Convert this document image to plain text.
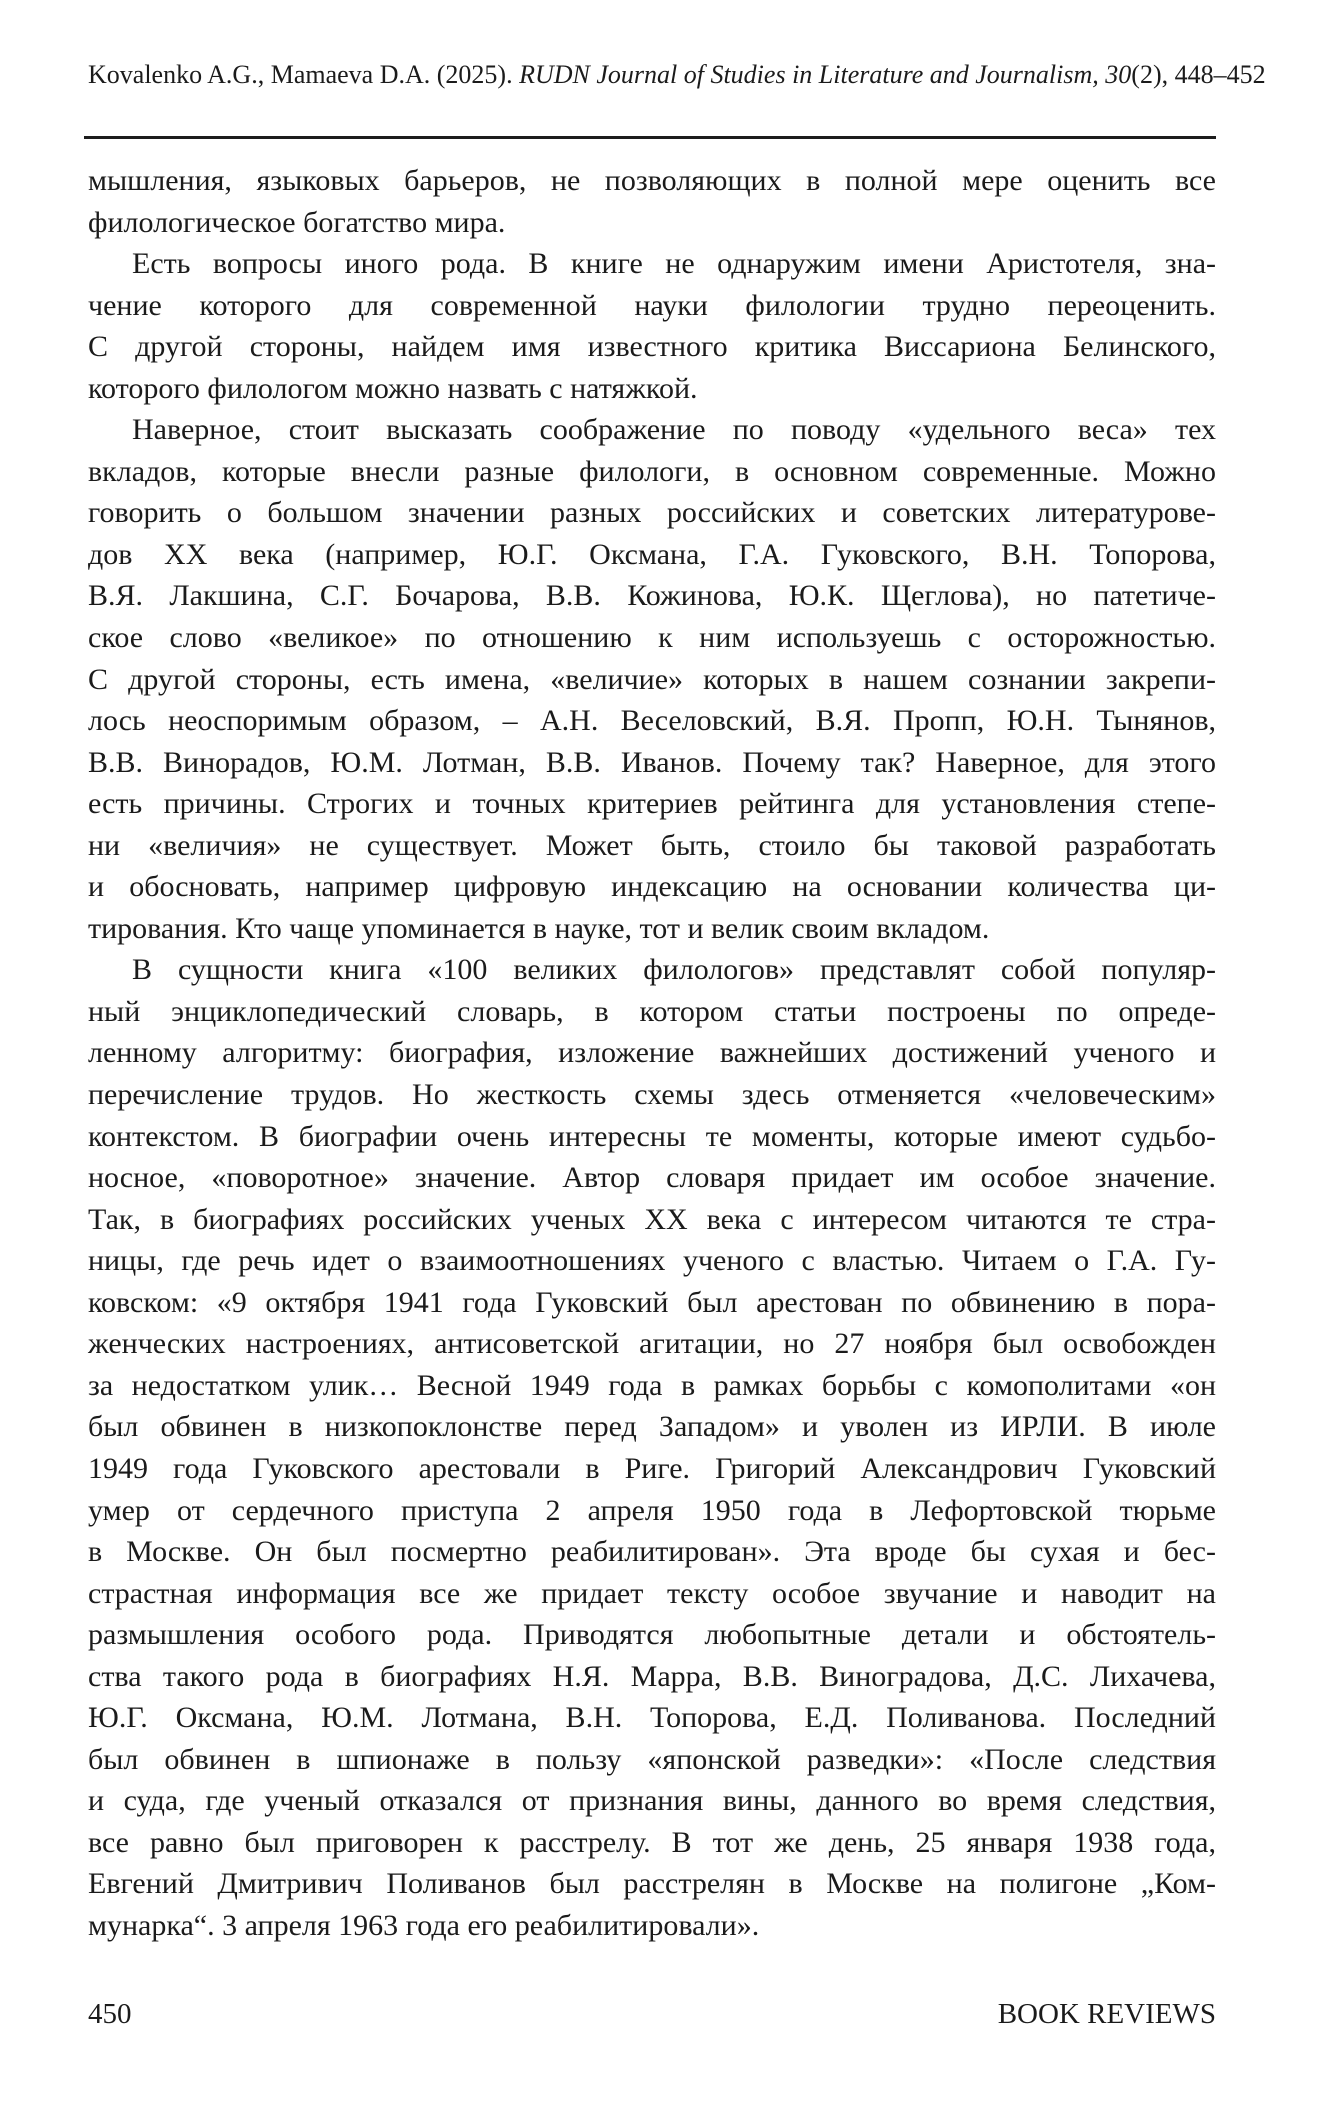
Kovalenko A.G., Mamaeva D.A. (2025). RUDN Journal of Studies in Literature and Journalism, 30(2), 448–452
мышления, языковых барьеров, не позволяющих в полной мере оценить все
филологическое богатство мира.
Есть вопросы иного рода. В книге не однаружим имени Аристотеля, зна-
чение которого для современной науки филологии трудно переоценить.
С другой стороны, найдем имя известного критика Виссариона Белинского,
которого филологом можно назвать с натяжкой.
Наверное, стоит высказать соображение по поводу «удельного веса» тех
вкладов, которые внесли разные филологи, в основном современные. Можно
говорить о большом значении разных российских и советских литературове-
дов XX века (например, Ю.Г. Оксмана, Г.А. Гуковского, В.Н. Топорова,
В.Я. Лакшина, С.Г. Бочарова, В.В. Кожинова, Ю.К. Щеглова), но патетиче-
ское слово «великое» по отношению к ним используешь с осторожностью.
С другой стороны, есть имена, «величие» которых в нашем сознании закрепи-
лось неоспоримым образом, – А.Н. Веселовский, В.Я. Пропп, Ю.Н. Тынянов,
В.В. Винорадов, Ю.М. Лотман, В.В. Иванов. Почему так? Наверное, для этого
есть причины. Строгих и точных критериев рейтинга для установления степе-
ни «величия» не существует. Может быть, стоило бы таковой разработать
и обосновать, например цифровую индексацию на основании количества ци-
тирования. Кто чаще упоминается в науке, тот и велик своим вкладом.
В сущности книга «100 великих филологов» представлят собой популяр-
ный энциклопедический словарь, в котором статьи построены по опреде-
ленному алгоритму: биография, изложение важнейших достижений ученого и
перечисление трудов. Но жесткость схемы здесь отменяется «человеческим»
контекстом. В биографии очень интересны те моменты, которые имеют судьбо-
носное, «поворотное» значение. Автор словаря придает им особое значение.
Так, в биографиях российских ученых XX века с интересом читаются те стра-
ницы, где речь идет о взаимоотношениях ученого с властью. Читаем о Г.А. Гу-
ковском: «9 октября 1941 года Гуковский был арестован по обвинению в пора-
женческих настроениях, антисоветской агитации, но 27 ноября был освобожден
за недостатком улик… Весной 1949 года в рамках борьбы с комополитами «он
был обвинен в низкопоклонстве перед Западом» и уволен из ИРЛИ. В июле
1949 года Гуковского арестовали в Риге. Григорий Александрович Гуковский
умер от сердечного приступа 2 апреля 1950 года в Лефортовской тюрьме
в Москве. Он был посмертно реабилитирован». Эта вроде бы сухая и бес-
страстная информация все же придает тексту особое звучание и наводит на
размышления особого рода. Приводятся любопытные детали и обстоятель-
ства такого рода в биографиях Н.Я. Марра, В.В. Виноградова, Д.С. Лихачева,
Ю.Г. Оксмана, Ю.М. Лотмана, В.Н. Топорова, Е.Д. Поливанова. Последний
был обвинен в шпионаже в пользу «японской разведки»: «После следствия
и суда, где ученый отказался от признания вины, данного во время следствия,
все равно был приговорен к расстрелу. В тот же день, 25 января 1938 года,
Евгений Дмитривич Поливанов был расстрелян в Москве на полигоне „Ком-
мунарка“. 3 апреля 1963 года его реабилитировали».
450	BOOK REVIEWS
